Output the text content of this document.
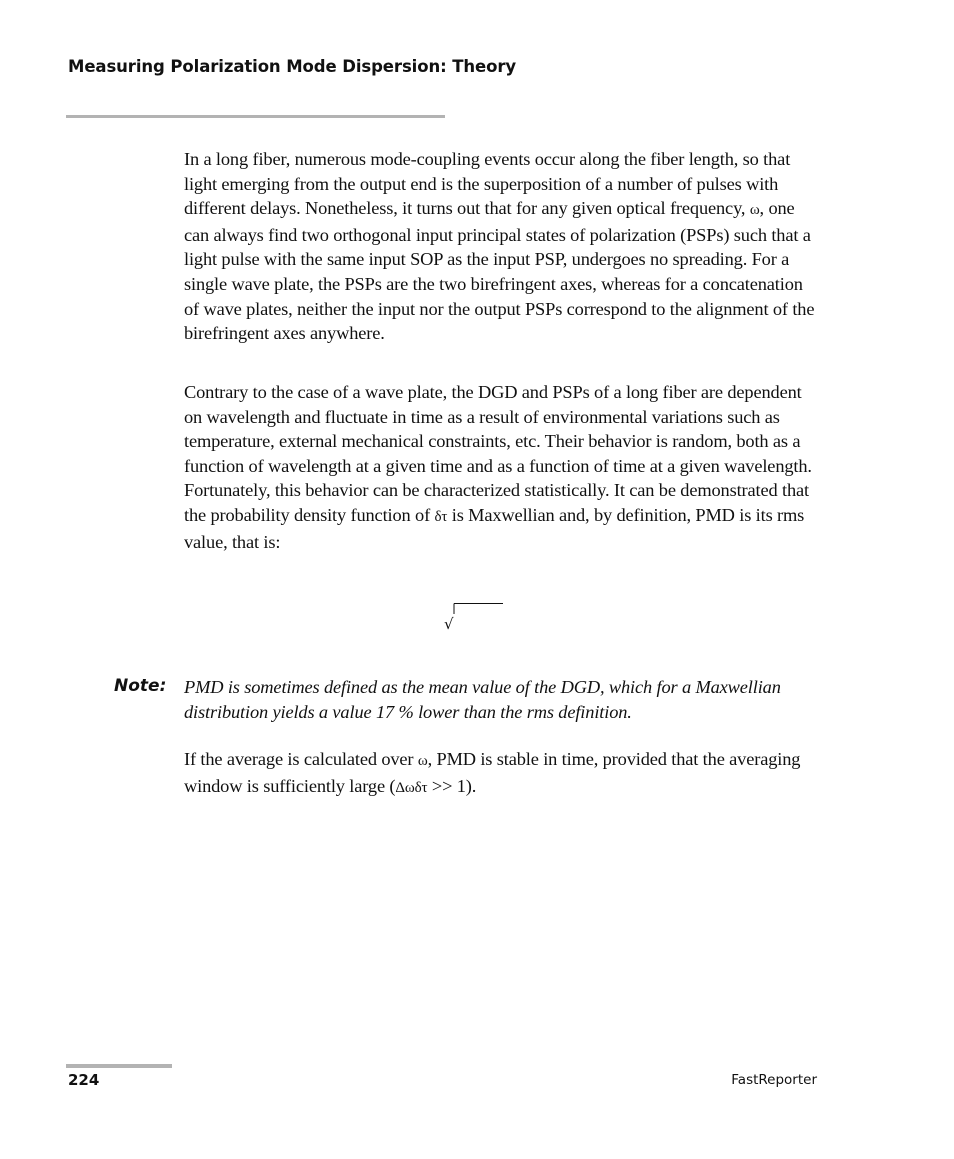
Measuring Polarization Mode Dispersion: Theory

In a long fiber, numerous mode-coupling events occur along the fiber length, so that light emerging from the output end is the superposition of a number of pulses with different delays. Nonetheless, it turns out that for any given optical frequency, ω, one can always find two orthogonal input principal states of polarization (PSPs) such that a light pulse with the same input SOP as the input PSP, undergoes no spreading. For a single wave plate, the PSPs are the two birefringent axes, whereas for a concatenation of wave plates, neither the input nor the output PSPs correspond to the alignment of the birefringent axes anywhere.

Contrary to the case of a wave plate, the DGD and PSPs of a long fiber are dependent on wavelength and fluctuate in time as a result of environmental variations such as temperature, external mechanical constraints, etc. Their behavior is random, both as a function of wavelength at a given time and as a function of time at a given wavelength. Fortunately, this behavior can be characterized statistically. It can be demonstrated that the probability density function of δτ is Maxwellian and, by definition, PMD is its rms value, that is:

√

Note: PMD is sometimes defined as the mean value of the DGD, which for a Maxwellian distribution yields a value 17 % lower than the rms definition.

If the average is calculated over ω, PMD is stable in time, provided that the averaging window is sufficiently large (Δωδτ >> 1).

224	FastReporter
